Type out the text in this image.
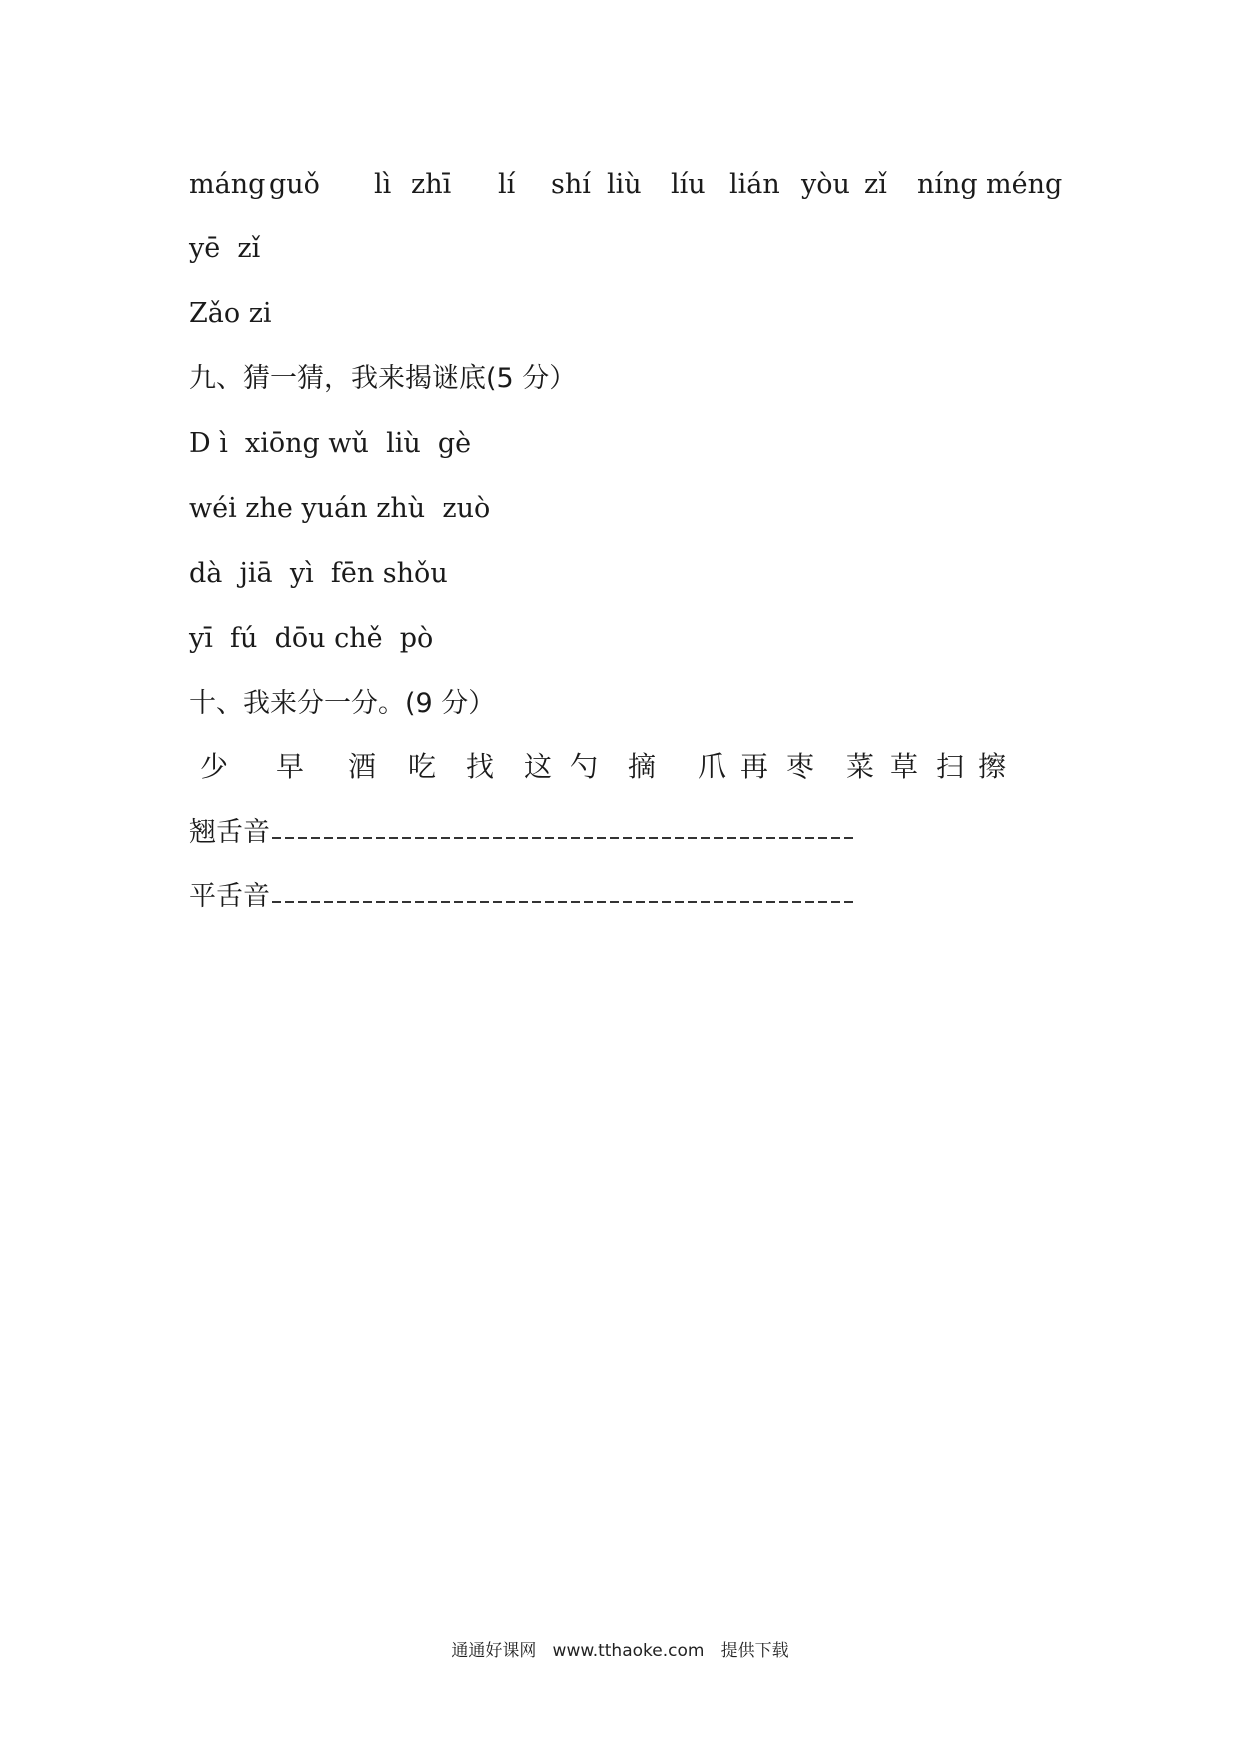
máng guǒ lì zhī lí shí liù líu lián yòu zǐ níng méng
yē  zǐ
Zǎo zi
九、猜一猜，我来揭谜底(5 分）
D ì  xiōng wǔ  liù  gè
wéi zhe yuán zhù  zuò
dà  jiā  yì  fēn shǒu
yī  fú  dōu chě  pò
十、我来分一分。(9 分）
少 早 酒 吃 找 这 勺 摘 爪 再 枣 菜 草 扫 擦
翘舌音
平舌音
通通好课网 www.tthaoke.com 提供下载
